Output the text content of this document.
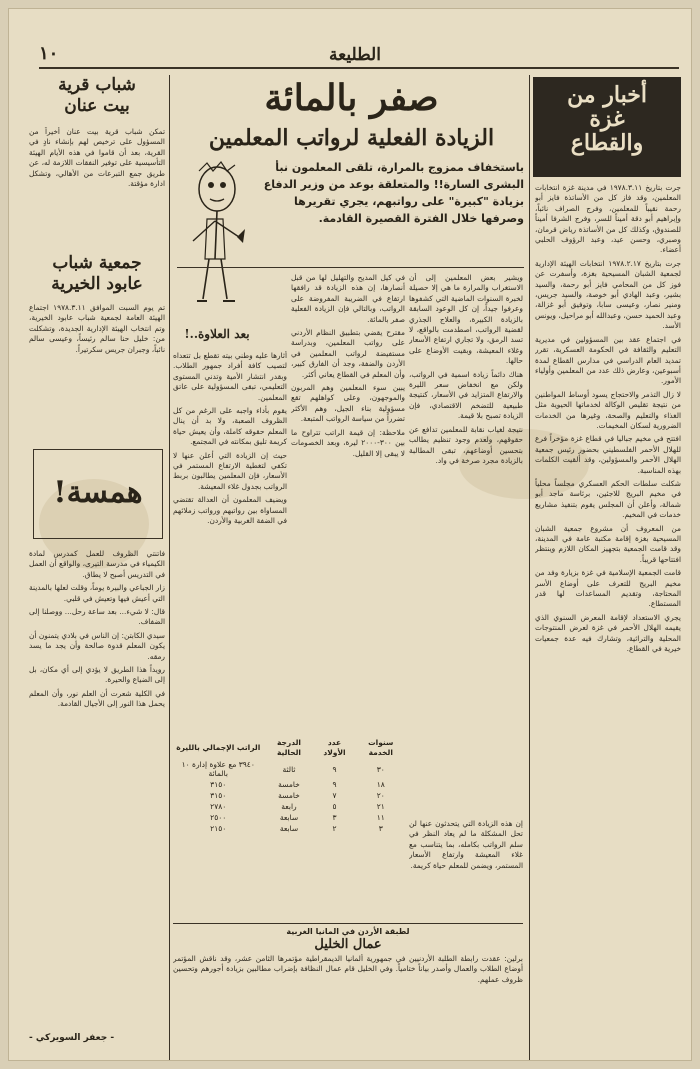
١٠	الطليعة
أخبار من
غزة
والقطاع

جرت بتاريخ ١٩٧٨.٣.١١ في مدينة غزة انتخابات المعلمين، وقد فاز كل من الأساتذة فايز أبو رحمة نقيباً للمعلمين، وفرج الصراف نائباً، وإبراهيم أبو دقة أميناً للسر، وفرج الشرفا أميناً للصندوق، وكذلك كل من الأساتذة رياض قرمان، وصبري، وحسن عيد، وعبد الرؤوف الحلبي أعضاء.

جرت بتاريخ ١٩٧٨.٢.١٧ انتخابات الهيئة الإدارية لجمعية الشبان المسيحية بغزة، وأسفرت عن فوز كل من المحامي فايز أبو رحمة، والسيد بشير، وعبد الهادي أبو خوصة، والسيد جريس، ومنير نصار، وعيسى سابا، وتوفيق أبو غزالة، وعبد الحميد حسن، وعبدالله أبو مراحيل، ويونس الأسد.

في اجتماع عقد بين المسؤولين في مديرية التعليم والثقافة في الحكومة العسكرية، تقرر تمديد العام الدراسي في مدارس القطاع لمدة أسبوعين، وعارض ذلك عدد من المعلمين وأولياء الأمور.

لا زال التذمر والاحتجاج يسود أوساط المواطنين من نتيجة تقليص الوكالة لخدماتها الحيوية مثل الغذاء والتعليم والصحة، وغيرها من الخدمات الضرورية لسكان المخيمات.

افتتح في مخيم جباليا في قطاع غزة مؤخراً فرع للهلال الأحمر الفلسطيني بحضور رئيس جمعية الهلال الأحمر والمسؤولين، وقد ألقيت الكلمات بهذه المناسبة.

شكلت سلطات الحكم العسكري مجلساً محلياً في مخيم البريج للاجئين، برئاسة ماجد أبو شمالة، وأعلن أن المجلس يقوم بتنفيذ مشاريع خدمات في المخيم.

من المعروف أن مشروع جمعية الشبان المسيحية بغزة إقامة مكتبة عامة في المدينة، وقد قامت الجمعية بتجهيز المكان اللازم وينتظر افتتاحها قريباً.

قامت الجمعية الإسلامية في غزة بزيارة وفد من مخيم البريج للتعرف على أوضاع الأسر المحتاجة، وتقديم المساعدات لها قدر المستطاع.

يجري الاستعداد لإقامة المعرض السنوي الذي يقيمه الهلال الأحمر في غزة لعرض المنتوجات المحلية والتراثية، وتشارك فيه عدة جمعيات خيرية في القطاع.

صفر بالمائة
الزيادة الفعلية لرواتب المعلمين
باستخفاف ممزوج بالمرارة، تلقى المعلمون نبأ البشرى السارة!! والمتعلقة بوعد من وزير الدفاع بزيادة "كبيرة" على رواتبهم، يجري تقريرها وصرفها خلال الفترة القصيرة القادمة.
بعد العلاوة..!

ويشير بعض المعلمين إلى أن الاستغراب والمرارة ما هي إلا حصيلة لخبرة السنوات الماضية التي كشفوها وعرفوا جيداً، إن كل الوعود السابقة بالزيادة الكبيرة، والعلاج الجذري لقضية الرواتب، اصطدمت بالواقع، لا تسد الرمق، ولا تجاري ارتفاع الأسعار وغلاء المعيشة، وبقيت الأوضاع على حالها.

هناك دائماً زيادة اسمية في الرواتب، ولكن مع انخفاض سعر الليرة والارتفاع المتزايد في الأسعار، كنتيجة طبيعية للتضخم الاقتصادي، فإن الزيادة تصبح بلا قيمة.

نتيجة لغياب نقابة للمعلمين تدافع عن حقوقهم، ولعدم وجود تنظيم يطالب بتحسين أوضاعهم، تبقى المطالبة بالزيادة مجرد صرخة في واد.

في كيل المديح والتهليل لها من قبل أنصارها، إن هذه الزيادة قد رافقها ارتفاع في الضريبة المفروضة على الرواتب، وبالتالي فإن الزيادة الفعلية صفر بالمائة.

مقترح يقضي بتطبيق النظام الأردني على رواتب المعلمين، وبدراسة مستفيضة لرواتب المعلمين في الأردن والضفة، وجد أن الفارق كبير، وأن المعلم في القطاع يعاني أكثر.

يبين سوء المعلمين وهم المربون والموجهون، وعلى كواهلهم تقع مسؤولية بناء الجيل، وهم الأكثر تضرراً من سياسة الرواتب المتبعة.

ملاحظة: إن قيمة الراتب تتراوح ما بين ٣٠٠-٢٠٠٠ ليرة، وبعد الخصومات لا يبقى إلا القليل.

أثارها عليه وطني بيته تقطع بل تتعداه لتصيب كافة أفراد جمهور الطلاب. وبقدر انتشار الأمية وتدني المستوى التعليمي، تبقى المسؤولية على عاتق المعلمين.

يقوم بأداء واجبه على الرغم من كل الظروف الصعبة، ولا بد أن ينال المعلم حقوقه كاملة، وأن يعيش حياة كريمة تليق بمكانته في المجتمع.

حيث إن الزيادة التي أعلن عنها لا تكفي لتغطية الارتفاع المستمر في الأسعار، فإن المعلمين يطالبون بربط الرواتب بجدول غلاء المعيشة.

ويضيف المعلمون أن العدالة تقتضي المساواة بين رواتبهم ورواتب زملائهم في الضفة الغربية والأردن.

سنوات الخدمة	عدد الأولاد	الدرجة الحالية	الراتب الإجمالي بالليرة
٣٠	٩	ثالثة	٣٩٤٠ مع علاوة إدارة ١٠ بالمائة
١٨	٩	خامسة	٣١٥٠
٢٠	٧	خامسة	٣١٥٠
٢١	٥	رابعة	٢٧٨٠
١١	٣	سابعة	٢٥٠٠
٣	٢	سابعة	٢١٥٠
إن هذه الزيادة التي يتحدثون عنها لن تحل المشكلة ما لم يعاد النظر في سلم الرواتب بكامله، بما يتناسب مع غلاء المعيشة وارتفاع الأسعار المستمر، ويضمن للمعلم حياة كريمة.
لطبقة الأردن في المانيا الغربية
عمال الخليل
برلين: عقدت رابطة الطلبة الأردنيين في جمهورية ألمانيا الديمقراطية مؤتمرها الثامن عشر، وقد ناقش المؤتمر أوضاع الطلاب والعمال وأصدر بياناً ختامياً. وفي الخليل قام عمال النظافة بإضراب مطالبين بزيادة أجورهم وتحسين ظروف عملهم.
شباب قرية
بيت عنان
تمكن شباب قرية بيت عنان أخيراً من المسؤول على ترخيص لهم بإنشاء نادٍ في القرية، بعد أن قاموا في هذه الأيام الهيئة التأسيسية على توفير النفقات اللازمة له، عن طريق جمع التبرعات من الأهالي، وتشكل ادارة مؤقتة.
جمعية شباب
عابود الخيرية
تم يوم السبت الموافق ١٩٧٨.٣.١١ اجتماع الهيئة العامة لجمعية شباب عابود الخيرية، وتم انتخاب الهيئة الإدارية الجديدة، وتشكلت من: خليل حنا سالم رئيساً، وعيسى سالم نائباً، وجبران جريس سكرتيراً.
همسة!

فاتنتي الظروف للعمل كمدرس لمادة الكيمياء في مدرسة التيرى، والواقع أن العمل في التدريس أصبح لا يطاق.

زار الجباعي والبيرة يوماً، وقلت لعلها بالمدينة التي أعيش فيها وتعيش في قلبي.

قال: لا شيء... بعد ساعة رحل... ووصلنا إلى الضفاف.

سيدي الكابتن: إن الناس في بلادي يتمنون أن يكون المعلم قدوة صالحة وأن يجد ما يسد رمقه.

رويداً هذا الطريق لا يؤدي إلى أي مكان، بل إلى الضياع والحيرة.

في الكلية شعرت أن العلم نور، وأن المعلم يحمل هذا النور إلى الأجيال القادمة.

- جعفر السويركي -
